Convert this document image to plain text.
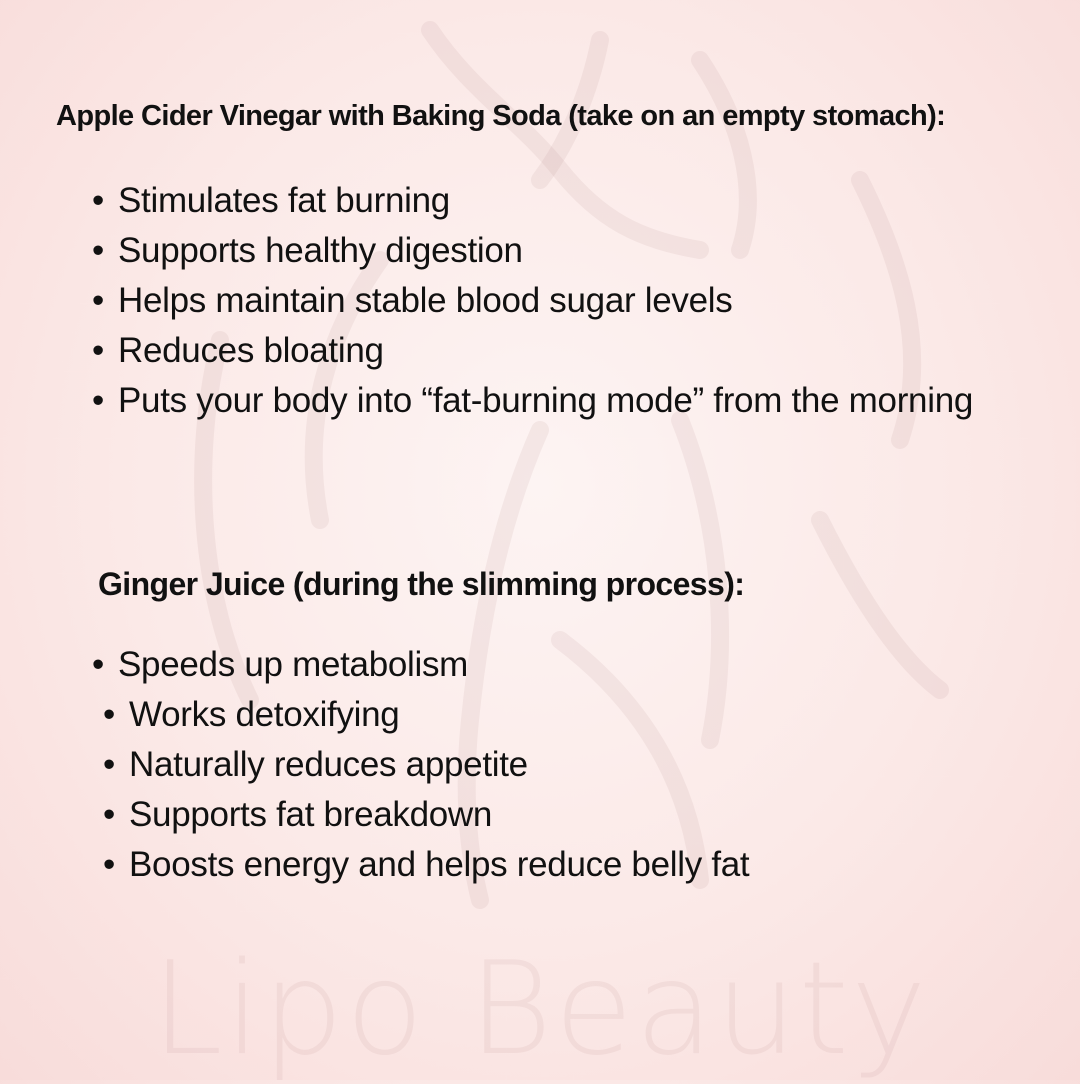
Lipo Beauty
Apple Cider Vinegar with Baking Soda (take on an empty stomach):
• Stimulates fat burning
• Supports healthy digestion
• Helps maintain stable blood sugar levels
• Reduces bloating
• Puts your body into “fat-burning mode” from the morning
Ginger Juice (during the slimming process):
• Speeds up metabolism
• Works detoxifying
• Naturally reduces appetite
• Supports fat breakdown
• Boosts energy and helps reduce belly fat
